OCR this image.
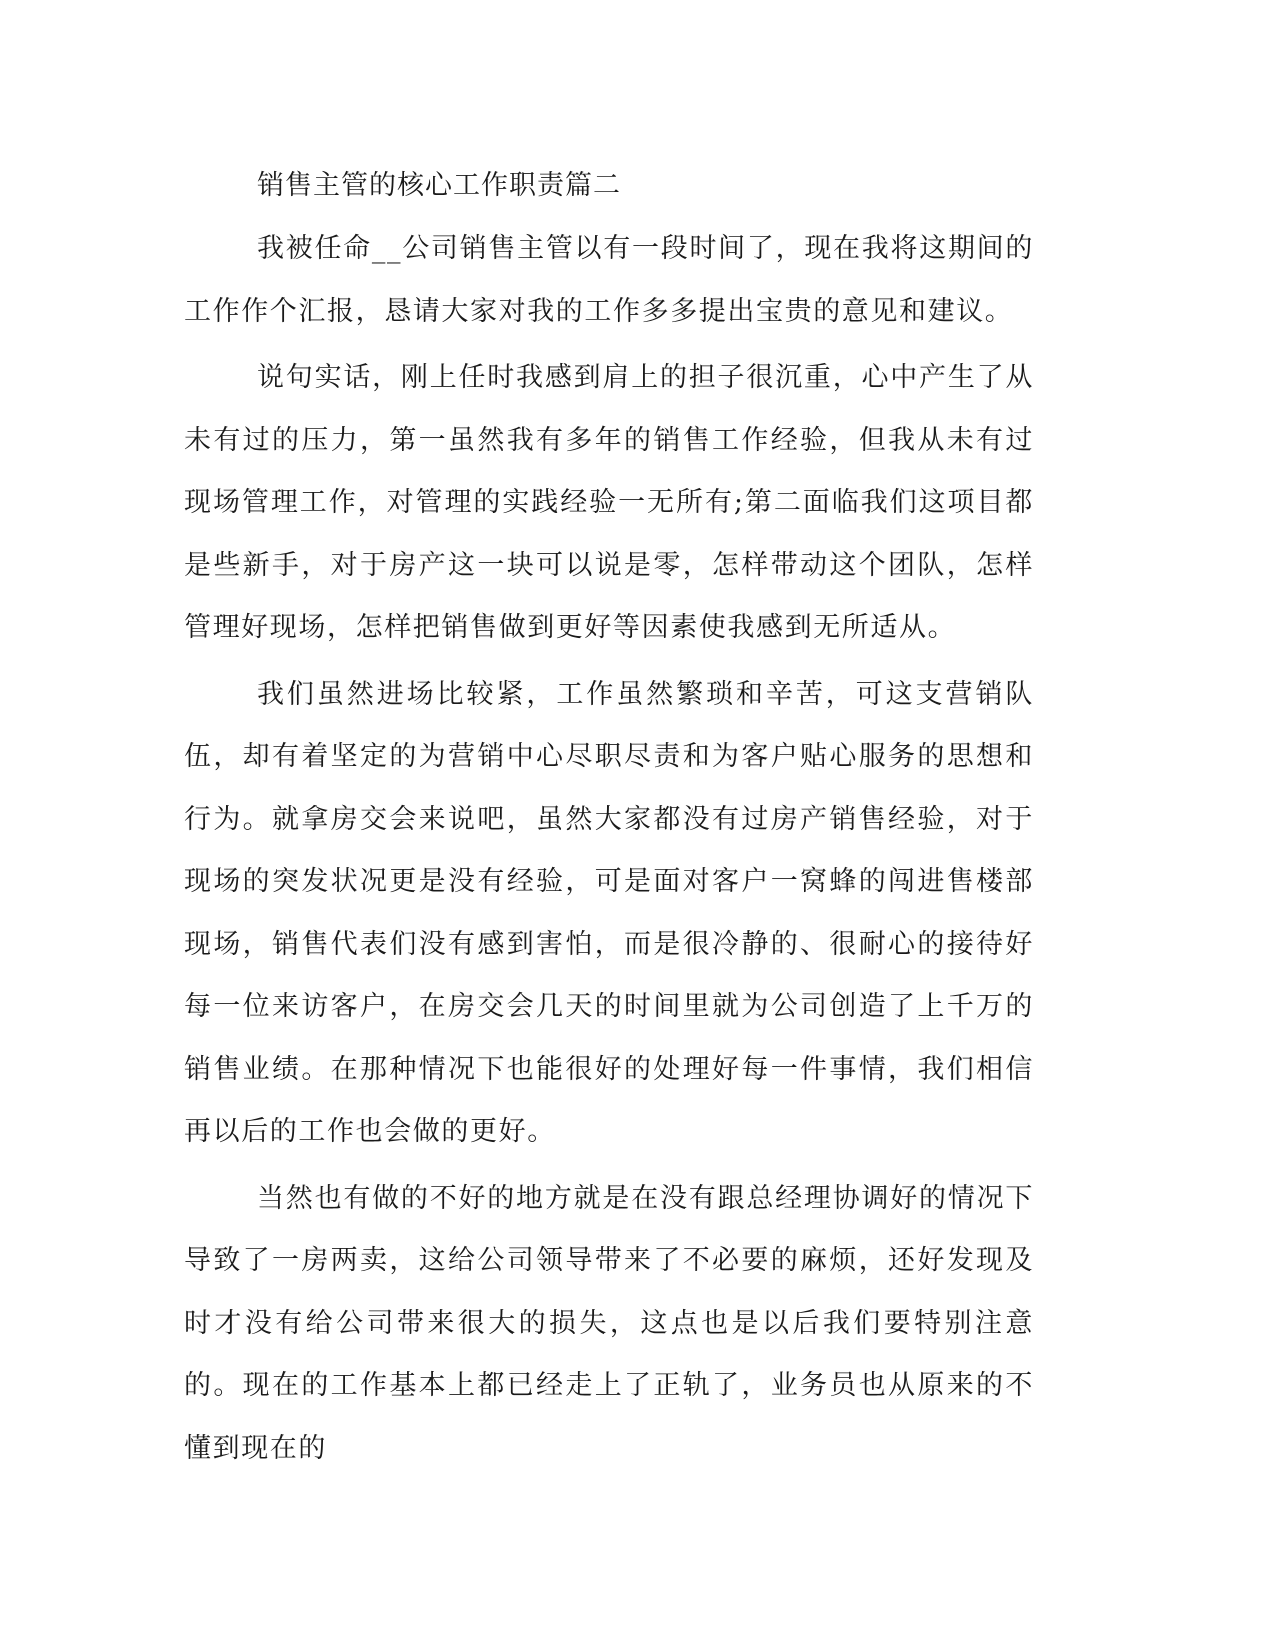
销售主管的核心工作职责篇二

我被任命__公司销售主管以有一段时间了，现在我将这期间的工作作个汇报，恳请大家对我的工作多多提出宝贵的意见和建议。

说句实话，刚上任时我感到肩上的担子很沉重，心中产生了从未有过的压力，第一虽然我有多年的销售工作经验，但我从未有过现场管理工作，对管理的实践经验一无所有;第二面临我们这项目都是些新手，对于房产这一块可以说是零，怎样带动这个团队，怎样管理好现场，怎样把销售做到更好等因素使我感到无所适从。

我们虽然进场比较紧，工作虽然繁琐和辛苦，可这支营销队伍，却有着坚定的为营销中心尽职尽责和为客户贴心服务的思想和行为。就拿房交会来说吧，虽然大家都没有过房产销售经验，对于现场的突发状况更是没有经验，可是面对客户一窝蜂的闯进售楼部现场，销售代表们没有感到害怕，而是很冷静的、很耐心的接待好每一位来访客户，在房交会几天的时间里就为公司创造了上千万的销售业绩。在那种情况下也能很好的处理好每一件事情，我们相信再以后的工作也会做的更好。

当然也有做的不好的地方就是在没有跟总经理协调好的情况下导致了一房两卖，这给公司领导带来了不必要的麻烦，还好发现及时才没有给公司带来很大的损失，这点也是以后我们要特别注意的。现在的工作基本上都已经走上了正轨了，业务员也从原来的不懂到现在的
